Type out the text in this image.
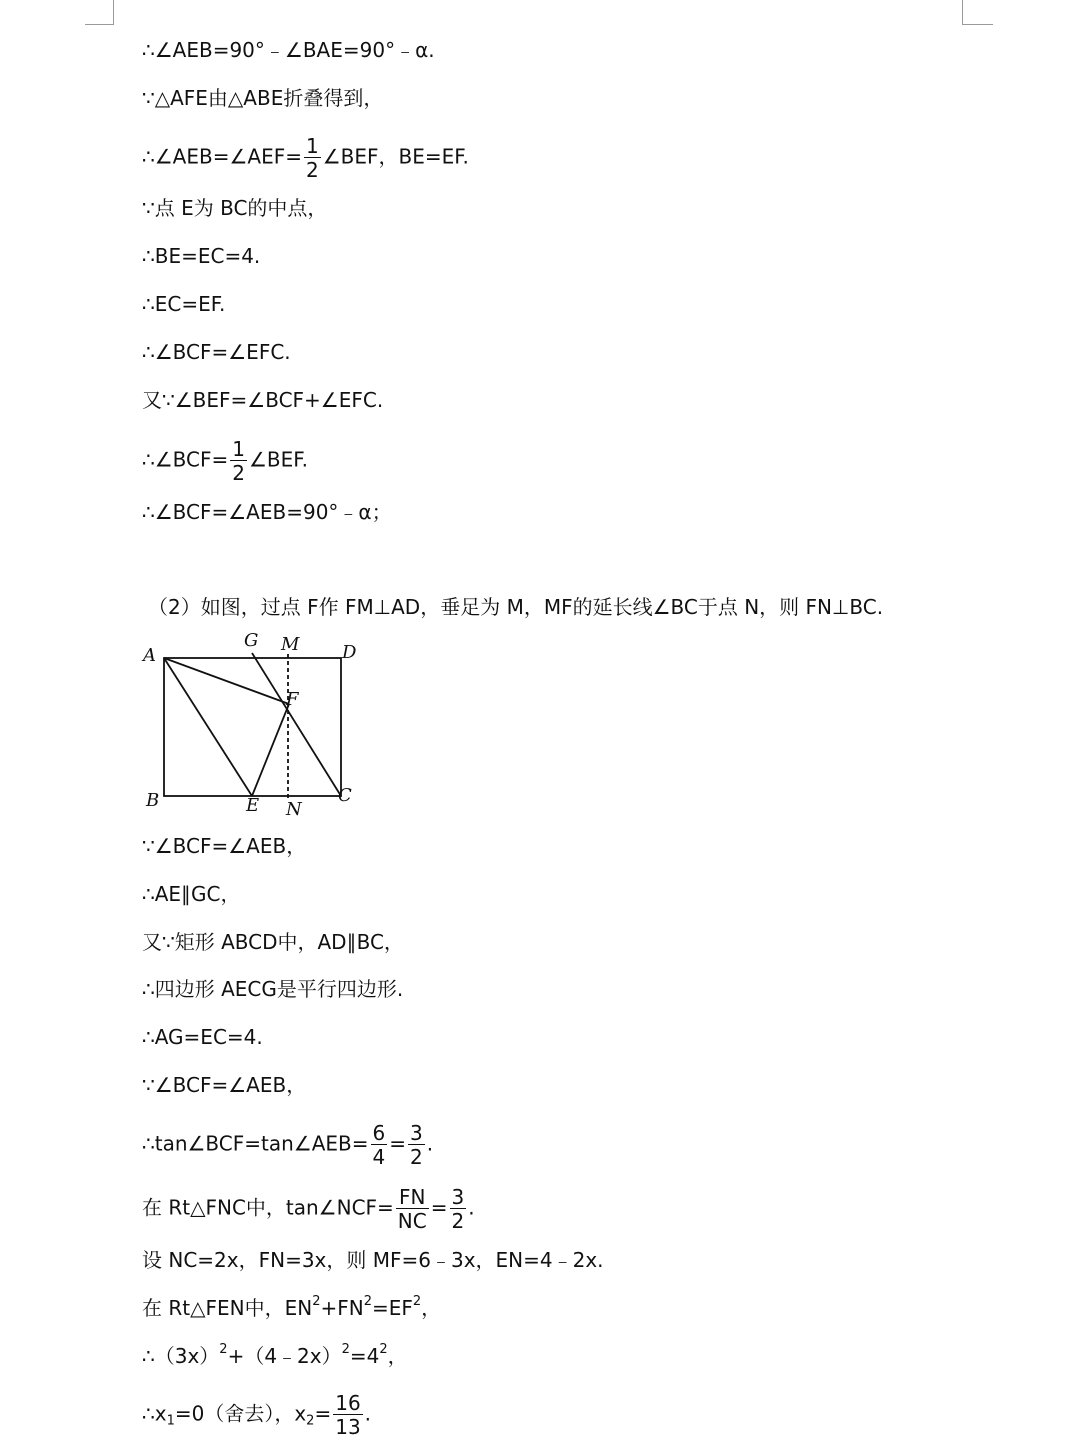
∴∠AEB=90°﹣∠BAE=90°﹣α.
∵△AFE由△ABE折叠得到，
∴∠AEB=∠AEF= $\frac{1}{2}$ ∠BEF，BE=EF.
∵点 E为 BC的中点，
∴BE=EC=4.
∴EC=EF.
∴∠BCF=∠EFC.
又∵∠BEF=∠BCF+∠EFC.
∴∠BCF= $\frac{1}{2}$ ∠BEF.
∴∠BCF=∠AEB=90°﹣α；
（2）如图，过点 F作 FM⊥AD，垂足为 M，MF的延长线∠BC于点 N，则 FN⊥BC.
A
G M D
F
B	E N
C
∵∠BCF=∠AEB，
∴AE∥GC，
又∵矩形 ABCD中，AD∥BC，
∴四边形 AECG是平行四边形.
∴AG=EC=4.
∵∠BCF=∠AEB，
∴tan∠BCF=tan∠AEB= $\frac{6}{4} = \frac{3}{2}$ .
在 Rt△FNC中，tan∠NCF= $\frac{FN}{NC} = \frac{3}{2}$ .
设 NC=2x，FN=3x，则 MF=6﹣3x，EN=4﹣2x.
在 Rt△FEN中，$EN^2+FN^2=EF^2$，
$\therefore(3x)^2+(4﹣2x)^2=4^2$，
$\therefore x_1=0$（舍去），$x_2= \frac{16}{13}$ .
